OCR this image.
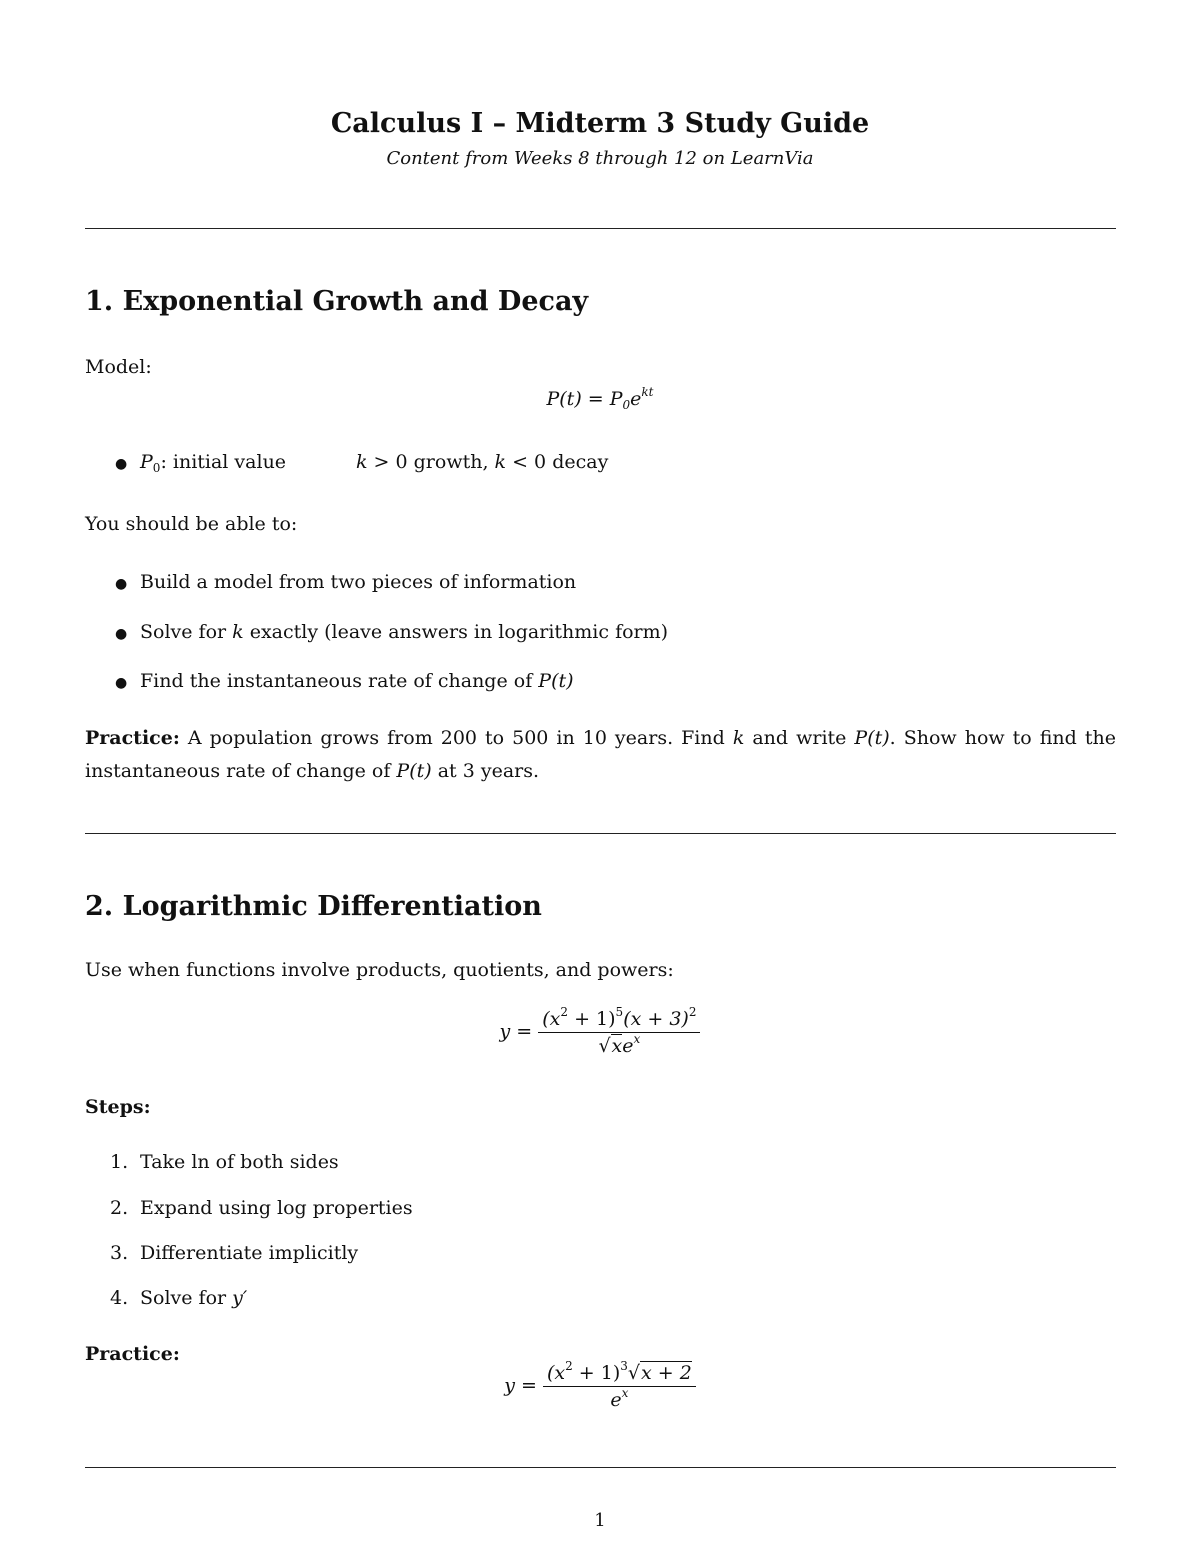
Calculus I – Midterm 3 Study Guide
Content from Weeks 8 through 12 on LearnVia
1. Exponential Growth and Decay
Model:
$P(t) = P_0e^{kt}$
● $P_0$: initial value	k > 0 growth, k < 0 decay
You should be able to:
● Build a model from two pieces of information
● Solve for k exactly (leave answers in logarithmic form)
● Find the instantaneous rate of change of P(t)
Practice: A population grows from 200 to 500 in 10 years. Find k and write P(t). Show how to find the instantaneous rate of change of P(t) at 3 years.
2. Logarithmic Differentiation
Use when functions involve products, quotients, and powers:
$y = \frac{(x^2 + 1)^5(x + 3)^2}{√xe^x}$
Steps:
1. Take ln of both sides
2. Expand using log properties
3. Differentiate implicitly
4. Solve for y′
Practice:
$y = \frac{(x^2 + 1)^3√x + 2}{e^x}$
1
